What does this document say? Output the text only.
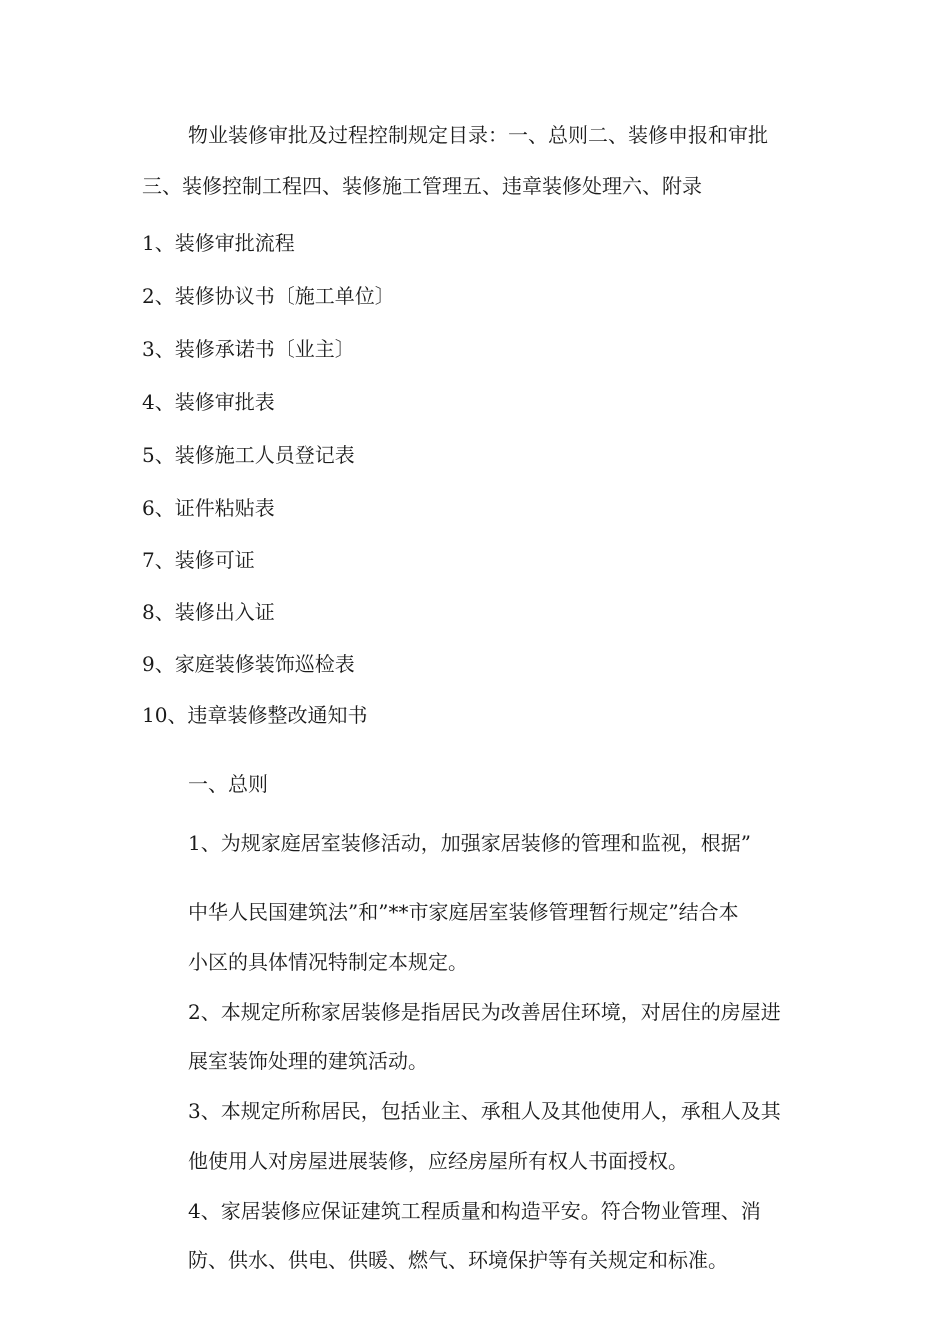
物业装修审批及过程控制规定目录：一、总则二、装修申报和审批
三、装修控制工程四、装修施工管理五、违章装修处理六、附录
1、装修审批流程
2、装修协议书〔施工单位〕
3、装修承诺书〔业主〕
4、装修审批表
5、装修施工人员登记表
6、证件粘贴表
7、装修可证
8、装修出入证
9、家庭装修装饰巡检表
10、违章装修整改通知书
一、总则
1、为规家庭居室装修活动，加强家居装修的管理和监视，根据”
中华人民国建筑法”和”**市家庭居室装修管理暂行规定”结合本
小区的具体情况特制定本规定。
2、本规定所称家居装修是指居民为改善居住环境，对居住的房屋进
展室装饰处理的建筑活动。
3、本规定所称居民，包括业主、承租人及其他使用人，承租人及其
他使用人对房屋进展装修，应经房屋所有权人书面授权。
4、家居装修应保证建筑工程质量和构造平安。符合物业管理、消
防、供水、供电、供暖、燃气、环境保护等有关规定和标准。
